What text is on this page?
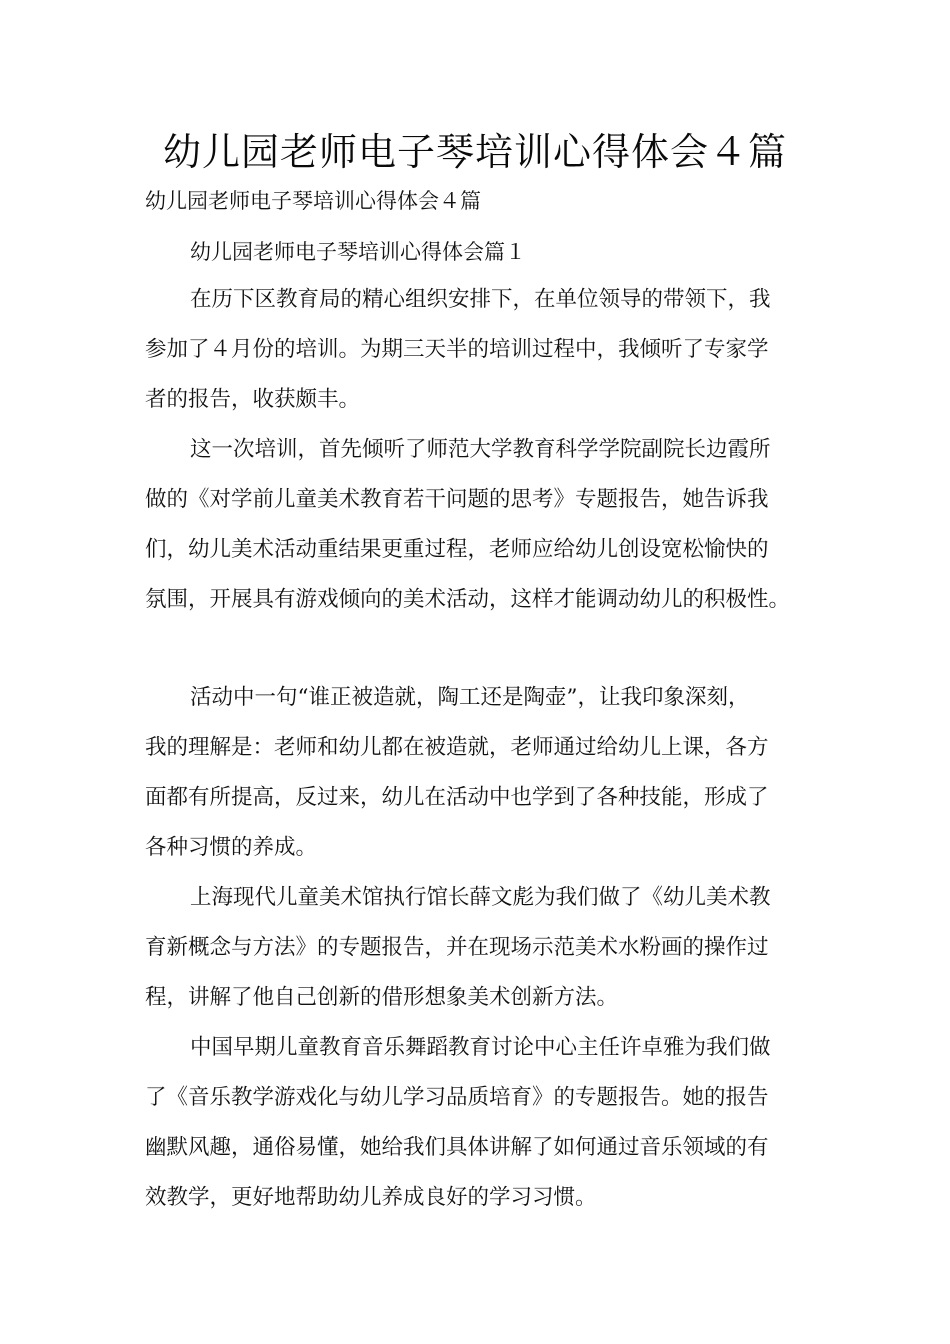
幼儿园老师电子琴培训心得体会４篇
幼儿园老师电子琴培训心得体会４篇
幼儿园老师电子琴培训心得体会篇１
在历下区教育局的精心组织安排下，在单位领导的带领下，我
参加了４月份的培训。为期三天半的培训过程中，我倾听了专家学
者的报告，收获颇丰。
这一次培训，首先倾听了师范大学教育科学学院副院长边霞所
做的《对学前儿童美术教育若干问题的思考》专题报告，她告诉我
们，幼儿美术活动重结果更重过程，老师应给幼儿创设宽松愉快的
氛围，开展具有游戏倾向的美术活动，这样才能调动幼儿的积极性。
活动中一句“谁正被造就，陶工还是陶壶”，让我印象深刻，
我的理解是：老师和幼儿都在被造就，老师通过给幼儿上课，各方
面都有所提高，反过来，幼儿在活动中也学到了各种技能，形成了
各种习惯的养成。
上海现代儿童美术馆执行馆长薛文彪为我们做了《幼儿美术教
育新概念与方法》的专题报告，并在现场示范美术水粉画的操作过
程，讲解了他自己创新的借形想象美术创新方法。
中国早期儿童教育音乐舞蹈教育讨论中心主任许卓雅为我们做
了《音乐教学游戏化与幼儿学习品质培育》的专题报告。她的报告
幽默风趣，通俗易懂，她给我们具体讲解了如何通过音乐领域的有
效教学，更好地帮助幼儿养成良好的学习习惯。
